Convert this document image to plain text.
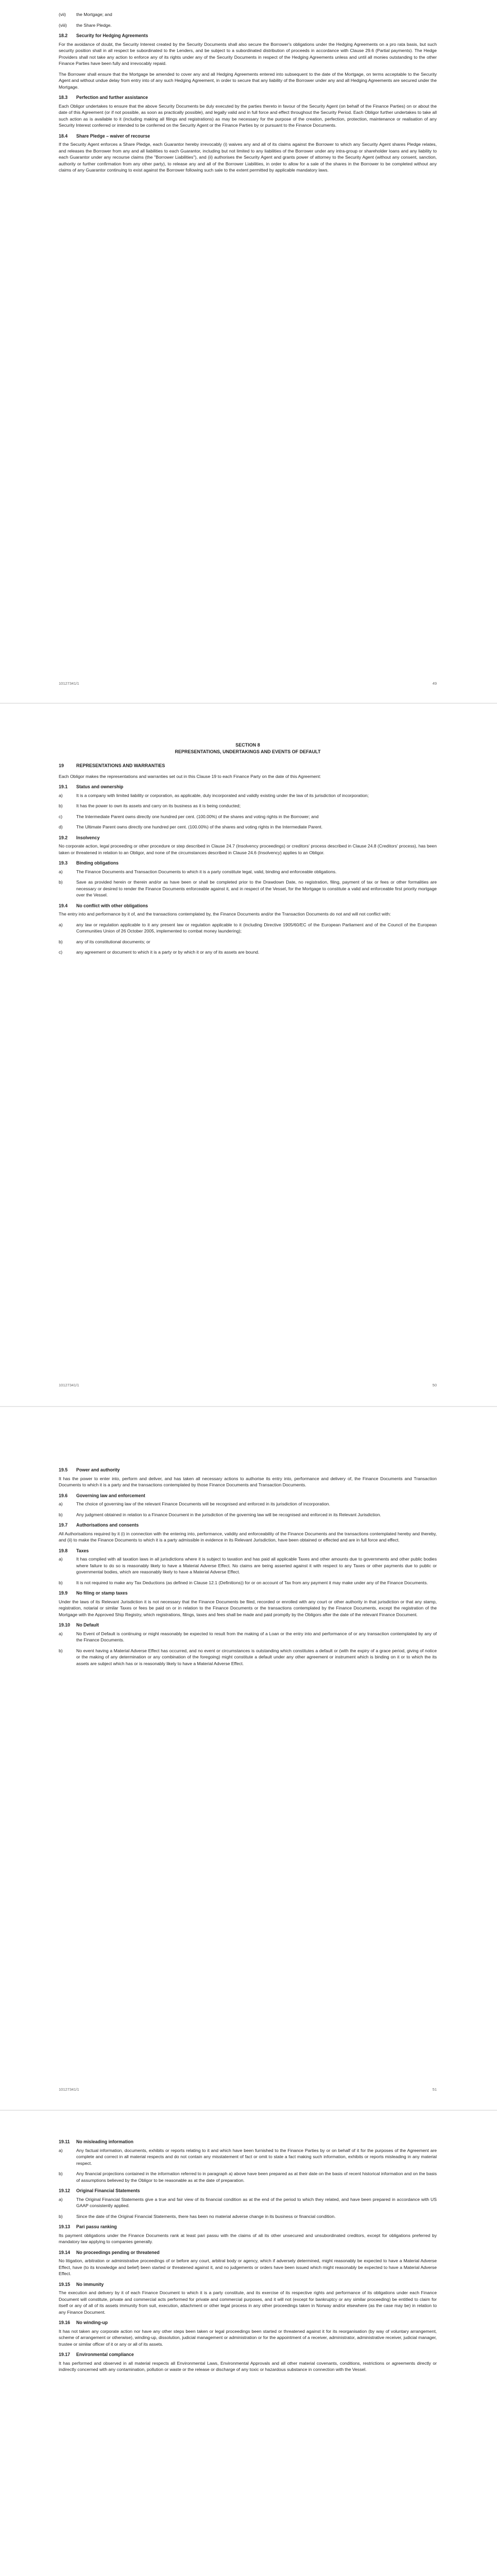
(vii)	the Mortgage; and
(viii)	the Share Pledge.
18.2	Security for Hedging Agreements
For the avoidance of doubt, the Security Interest created by the Security Documents shall also secure the Borrower's obligations under the Hedging Agreements on a pro rata basis, but such security position shall in all respect be subordinated to the Lenders, and be subject to a subordinated distribution of proceeds in accordance with Clause 29.6 (Partial payments). The Hedge Providers shall not take any action to enforce any of its rights under any of the Security Documents in respect of the Hedging Agreements unless and until all monies outstanding to the other Finance Parties have been fully and irrevocably repaid.
The Borrower shall ensure that the Mortgage be amended to cover any and all Hedging Agreements entered into subsequent to the date of the Mortgage, on terms acceptable to the Security Agent and without undue delay from entry into of any such Hedging Agreement, in order to secure that any liability of the Borrower under any and all Hedging Agreements are secured under the Mortgage.
18.3	Perfection and further assistance
Each Obligor undertakes to ensure that the above Security Documents be duly executed by the parties thereto in favour of the Security Agent (on behalf of the Finance Parties) on or about the date of this Agreement (or if not possible, as soon as practically possible), and legally valid and in full force and effect throughout the Security Period. Each Obligor further undertakes to take all such action as is available to it (including making all filings and registrations) as may be necessary for the purpose of the creation, perfection, protection, maintenance or realisation of any Security Interest conferred or intended to be conferred on the Security Agent or the Finance Parties by or pursuant to the Finance Documents.
18.4	Share Pledge – waiver of recourse
If the Security Agent enforces a Share Pledge, each Guarantor hereby irrevocably (i) waives any and all of its claims against the Borrower to which any Security Agent shares Pledge relates, and releases the Borrower from any and all liabilities to each Guarantor, including but not limited to any liabilities of the Borrower under any intra-group or shareholder loans and any liability to each Guarantor under any recourse claims (the "Borrower Liabilities"), and (ii) authorises the Security Agent and grants power of attorney to the Security Agent (without any consent, sanction, authority or further confirmation from any other party), to release any and all of the Borrower Liabilities, in order to allow for a sale of the shares in the Borrower to be completed without any claims of any Guarantor continuing to exist against the Borrower following such sale to the extent permitted by applicable mandatory laws.
10127341/1	49
SECTION 8
REPRESENTATIONS, UNDERTAKINGS AND EVENTS OF DEFAULT
19	REPRESENTATIONS AND WARRANTIES
Each Obligor makes the representations and warranties set out in this Clause 19 to each Finance Party on the date of this Agreement:
19.1	Status and ownership
a)	It is a company with limited liability or corporation, as applicable, duly incorporated and validly existing under the law of its jurisdiction of incorporation;
b)	It has the power to own its assets and carry on its business as it is being conducted;
c)	The Intermediate Parent owns directly one hundred per cent. (100.00%) of the shares and voting rights in the Borrower; and
d)	The Ultimate Parent owns directly one hundred per cent. (100.00%) of the shares and voting rights in the Intermediate Parent.
19.2	Insolvency
No corporate action, legal proceeding or other procedure or step described in Clause 24.7 (Insolvency proceedings) or creditors' process described in Clause 24.8 (Creditors' process), has been taken or threatened in relation to an Obligor, and none of the circumstances described in Clause 24.6 (Insolvency) applies to an Obligor.
19.3	Binding obligations
a)	The Finance Documents and Transaction Documents to which it is a party constitute legal, valid, binding and enforceable obligations.
b)	Save as provided herein or therein and/or as have been or shall be completed prior to the Drawdown Date, no registration, filing, payment of tax or fees or other formalities are necessary or desired to render the Finance Documents enforceable against it, and in respect of the Vessel, for the Mortgage to constitute a valid and enforceable first priority mortgage over the Vessel.
19.4	No conflict with other obligations
The entry into and performance by it of, and the transactions contemplated by, the Finance Documents and/or the Transaction Documents do not and will not conflict with:
a)	any law or regulation applicable to it any present law or regulation applicable to it (including Directive 1905/60/EC of the European Parliament and of the Council of the European Communities Union of 26 October 2005, implemented to combat money laundering);
b)	any of its constitutional documents; or
c)	any agreement or document to which it is a party or by which it or any of its assets are bound.
10127341/1	50
19.5	Power and authority
It has the power to enter into, perform and deliver, and has taken all necessary actions to authorise its entry into, performance and delivery of, the Finance Documents and Transaction Documents to which it is a party and the transactions contemplated by those Finance Documents and Transaction Documents.
19.6	Governing law and enforcement
a)	The choice of governing law of the relevant Finance Documents will be recognised and enforced in its jurisdiction of incorporation.
b)	Any judgment obtained in relation to a Finance Document in the jurisdiction of the governing law will be recognised and enforced in its Relevant Jurisdiction.
19.7	Authorisations and consents
All Authorisations required by it (i) in connection with the entering into, performance, validity and enforceability of the Finance Documents and the transactions contemplated hereby and thereby, and (ii) to make the Finance Documents to which it is a party admissible in evidence in its Relevant Jurisdiction, have been obtained or effected and are in full force and effect.
19.8	Taxes
a)	It has complied with all taxation laws in all jurisdictions where it is subject to taxation and has paid all applicable Taxes and other amounts due to governments and other public bodies where failure to do so is reasonably likely to have a Material Adverse Effect. No claims are being asserted against it with respect to any Taxes or other payments due to public or governmental bodies, which are reasonably likely to have a Material Adverse Effect.
b)	It is not required to make any Tax Deductions (as defined in Clause 12.1 (Definitions)) for or on account of Tax from any payment it may make under any of the Finance Documents.
19.9	No filing or stamp taxes
Under the laws of its Relevant Jurisdiction it is not necessary that the Finance Documents be filed, recorded or enrolled with any court or other authority in that jurisdiction or that any stamp, registration, notarial or similar Taxes or fees be paid on or in relation to the Finance Documents or the transactions contemplated by the Finance Documents, except the registration of the Mortgage with the Approved Ship Registry, which registrations, filings, taxes and fees shall be made and paid promptly by the Obligors after the date of the relevant Finance Document.
19.10	No Default
a)	No Event of Default is continuing or might reasonably be expected to result from the making of a Loan or the entry into and performance of or any transaction contemplated by any of the Finance Documents.
b)	No event having a Material Adverse Effect has occurred, and no event or circumstances is outstanding which constitutes a default or (with the expiry of a grace period, giving of notice or the making of any determination or any combination of the foregoing) might constitute a default under any other agreement or instrument which is binding on it or to which the its assets are subject which has or is reasonably likely to have a Material Adverse Effect.
10127341/1	51
19.11	No misleading information
a)	Any factual information, documents, exhibits or reports relating to it and which have been furnished to the Finance Parties by or on behalf of it for the purposes of the Agreement are complete and correct in all material respects and do not contain any misstatement of fact or omit to state a fact making such information, exhibits or reports misleading in any material respect.
b)	Any financial projections contained in the information referred to in paragraph a) above have been prepared as at their date on the basis of recent historical information and on the basis of assumptions believed by the Obligor to be reasonable as at the date of preparation.
19.12	Original Financial Statements
a)	The Original Financial Statements give a true and fair view of its financial condition as at the end of the period to which they related, and have been prepared in accordance with US GAAP consistently applied.
b)	Since the date of the Original Financial Statements, there has been no material adverse change in its business or financial condition.
19.13	Pari passu ranking
Its payment obligations under the Finance Documents rank at least pari passu with the claims of all its other unsecured and unsubordinated creditors, except for obligations preferred by mandatory law applying to companies generally.
19.14	No proceedings pending or threatened
No litigation, arbitration or administrative proceedings of or before any court, arbitral body or agency, which if adversely determined, might reasonably be expected to have a Material Adverse Effect, have (to its knowledge and belief) been started or threatened against it, and no judgements or orders have been issued which might reasonably be expected to have a Material Adverse Effect.
19.15	No immunity
The execution and delivery by it of each Finance Document to which it is a party constitute, and its exercise of its respective rights and performance of its obligations under each Finance Document will constitute, private and commercial acts performed for private and commercial purposes, and it will not (except for bankruptcy or any similar proceeding) be entitled to claim for itself or any of all of its assets immunity from suit, execution, attachment or other legal process in any other proceedings taken in Norway and/or elsewhere (as the case may be) in relation to any Finance Document.
19.16	No winding-up
It has not taken any corporate action nor have any other steps been taken or legal proceedings been started or threatened against it for its reorganisation (by way of voluntary arrangement, scheme of arrangement or otherwise), winding-up, dissolution, judicial management or administration or for the appointment of a receiver, administrator, administrative receiver, judicial manager, trustee or similar officer of it or any or all of its assets.
19.17	Environmental compliance
It has performed and observed in all material respects all Environmental Laws, Environmental Approvals and all other material covenants, conditions, restrictions or agreements directly or indirectly concerned with any contamination, pollution or waste or the release or discharge of any toxic or hazardous substance in connection with the Vessel.
